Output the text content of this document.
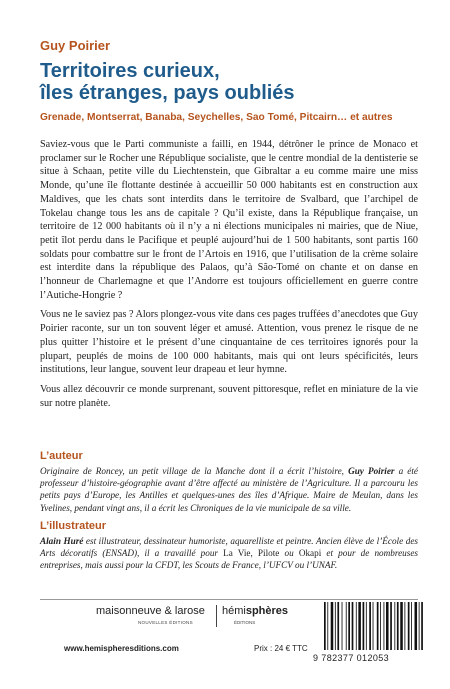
Guy Poirier
Territoires curieux,
îles étranges, pays oubliés
Grenade, Montserrat, Banaba, Seychelles, Sao Tomé, Pitcairn… et autres

Saviez-vous que le Parti communiste a failli, en 1944, détrôner le prince de Monaco et proclamer sur le Rocher une République socialiste, que le centre mondial de la dentisterie se situe à Schaan, petite ville du Liechtenstein, que Gibraltar a eu comme maire une miss Monde, qu’une île flottante destinée à accueillir 50 000 habitants est en construction aux Maldives, que les chats sont interdits dans le territoire de Svalbard, que l’archipel de Tokelau change tous les ans de capitale ? Qu’il existe, dans la République française, un territoire de 12 000 habitants où il n’y a ni élections municipales ni mairies, que de Niue, petit îlot perdu dans le Pacifique et peuplé aujourd’hui de 1 500 habitants, sont partis 160 soldats pour combattre sur le front de l’Artois en 1916, que l’utilisation de la crème solaire est interdite dans la république des Palaos, qu’à São-Tomé on chante et on danse en l’honneur de Charlemagne et que l’Andorre est toujours officiellement en guerre contre l’Autiche-Hongrie ?

Vous ne le saviez pas ? Alors plongez-vous vite dans ces pages truffées d’anecdotes que Guy Poirier raconte, sur un ton souvent léger et amusé. Attention, vous prenez le risque de ne plus quitter l’histoire et le présent d’une cinquantaine de ces territoires ignorés pour la plupart, peuplés de moins de 100 000 habitants, mais qui ont leurs spécificités, leurs institutions, leur langue, souvent leur drapeau et leur hymne.

Vous allez découvrir ce monde surprenant, souvent pittoresque, reflet en miniature de la vie sur notre planète.

L’auteur

Originaire de Roncey, un petit village de la Manche dont il a écrit l’histoire, Guy Poirier a été professeur d’histoire-géographie avant d’être affecté au ministère de l’Agriculture. Il a parcouru les petits pays d’Europe, les Antilles et quelques-unes des îles d’Afrique. Maire de Meulan, dans les Yvelines, pendant vingt ans, il a écrit les Chroniques de la vie municipale de sa ville.

L’illustrateur

Alain Huré est illustrateur, dessinateur humoriste, aquarelliste et peintre. Ancien élève de l’École des Arts décoratifs (ENSAD), il a travaillé pour La Vie, Pilote ou Okapi et pour de nombreuses entreprises, mais aussi pour la CFDT, les Scouts de France, l’UFCV ou l’UNAF.

maisonneuve & larose
NOUVELLES ÉDITIONS
hémisphères
ÉDITIONS
www.hemispheresditions.com	Prix : 24 € TTC
9 782377 012053
